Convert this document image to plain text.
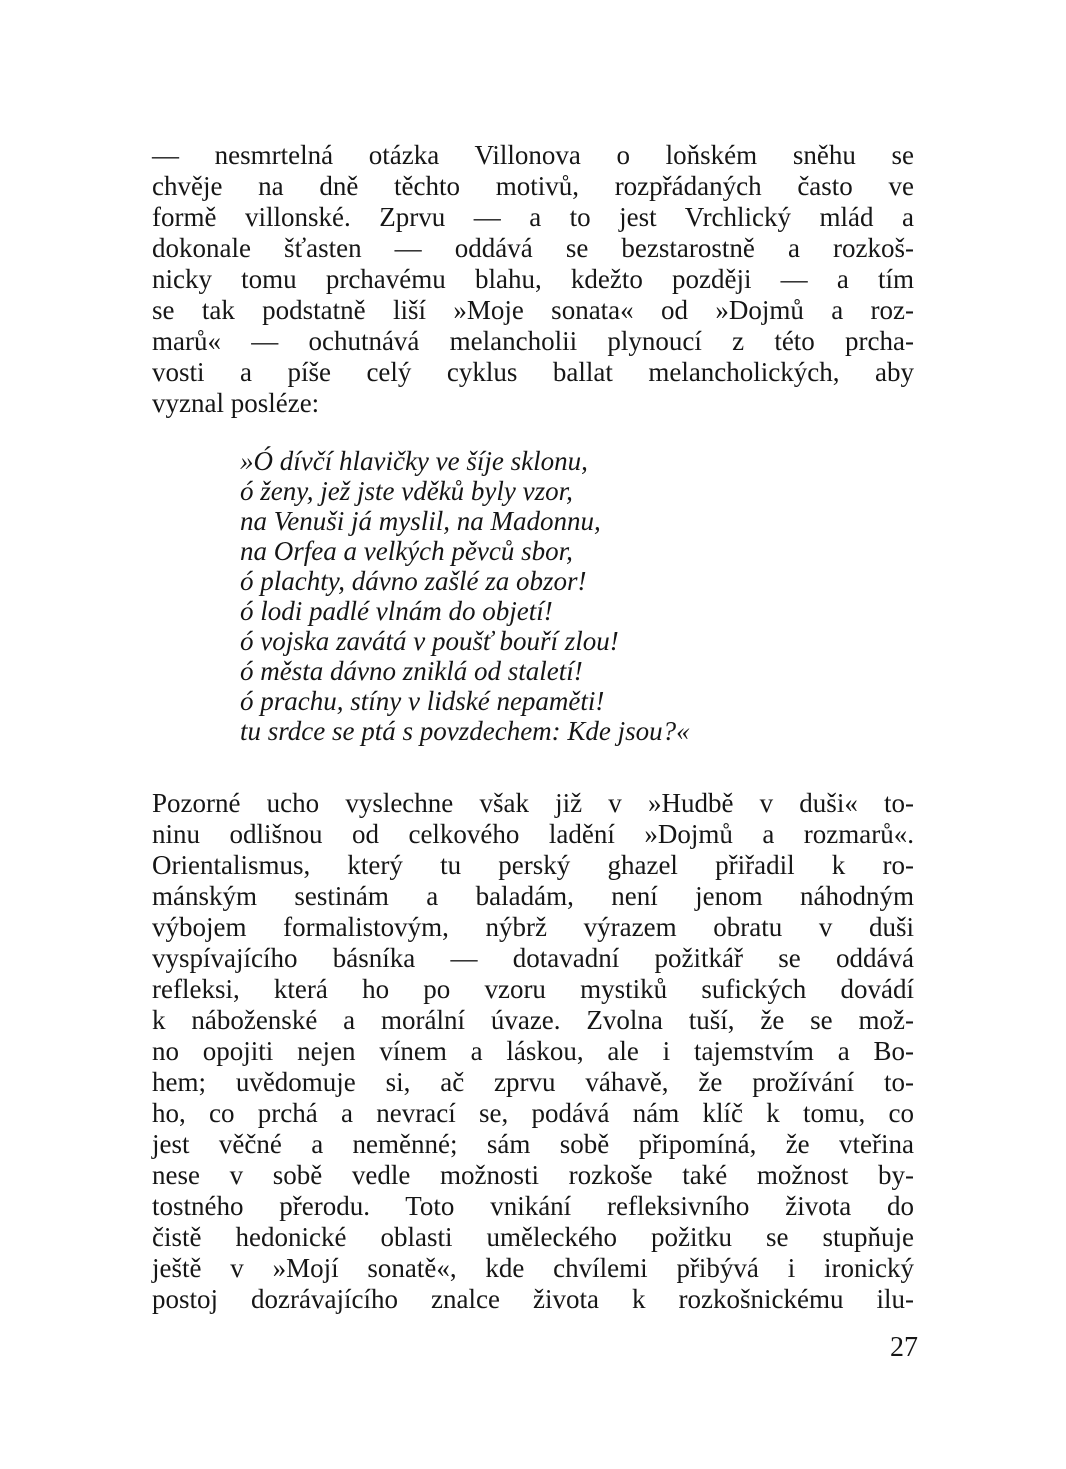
— nesmrtelná otázka Villonova o loňském sněhu se
chvěje na dně těchto motivů, rozpřádaných často ve
formě villonské. Zprvu — a to jest Vrchlický mlád a
dokonale šťasten — oddává se bezstarostně a rozkoš-
nicky tomu prchavému blahu, kdežto později — a tím
se tak podstatně liší »Moje sonata« od »Dojmů a roz-
marů« — ochutnává melancholii plynoucí z této prcha-
vosti a píše celý cyklus ballat melancholických, aby
vyznal posléze:
»Ó dívčí hlavičky ve šíje sklonu,
ó ženy, jež jste vděků byly vzor,
na Venuši já myslil, na Madonnu,
na Orfea a velkých pěvců sbor,
ó plachty, dávno zašlé za obzor!
ó lodi padlé vlnám do objetí!
ó vojska zavátá v poušť bouří zlou!
ó města dávno zniklá od staletí!
ó prachu, stíny v lidské nepaměti!
tu srdce se ptá s povzdechem: Kde jsou?«
Pozorné ucho vyslechne však již v »Hudbě v duši« to-
ninu odlišnou od celkového ladění »Dojmů a rozmarů«.
Orientalismus, který tu perský ghazel přiřadil k ro-
mánským sestinám a baladám, není jenom náhodným
výbojem formalistovým, nýbrž výrazem obratu v duši
vyspívajícího básníka — dotavadní požitkář se oddává
refleksi, která ho po vzoru mystiků sufických dovádí
k náboženské a morální úvaze. Zvolna tuší, že se mož-
no opojiti nejen vínem a láskou, ale i tajemstvím a Bo-
hem; uvědomuje si, ač zprvu váhavě, že prožívání to-
ho, co prchá a nevrací se, podává nám klíč k tomu, co
jest věčné a neměnné; sám sobě připomíná, že vteřina
nese v sobě vedle možnosti rozkoše také možnost by-
tostného přerodu. Toto vnikání refleksivního života do
čistě hedonické oblasti uměleckého požitku se stupňuje
ještě v »Mojí sonatě«, kde chvílemi přibývá i ironický
postoj dozrávajícího znalce života k rozkošnickému ilu-
27
